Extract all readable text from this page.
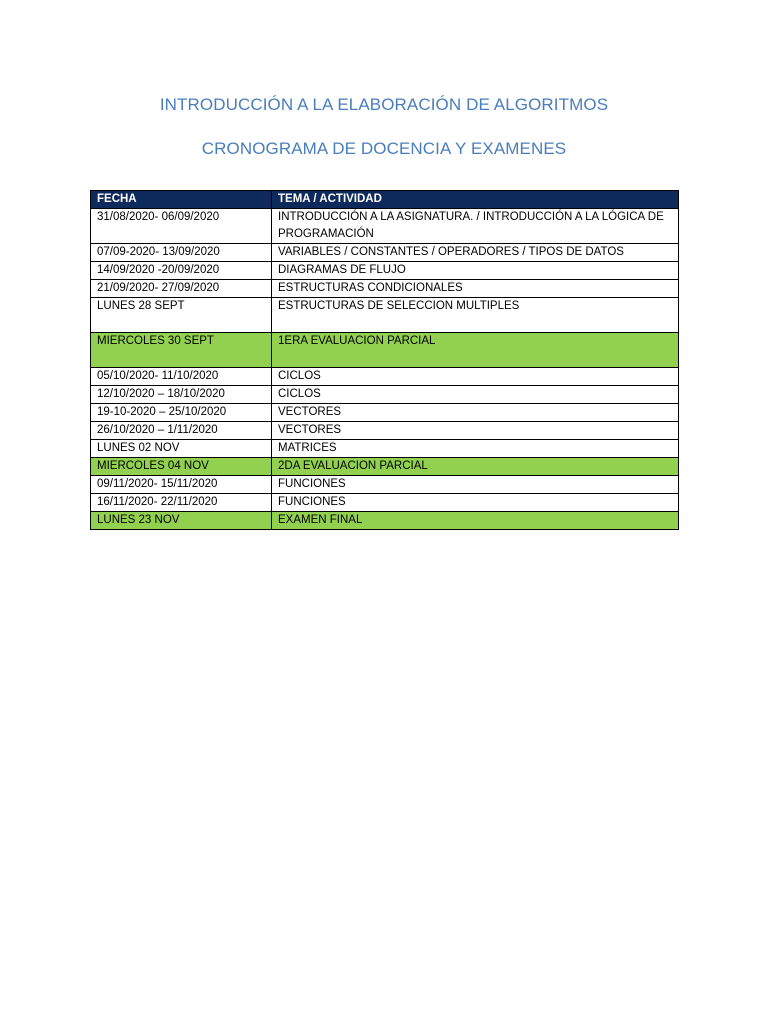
INTRODUCCIÓN A LA ELABORACIÓN DE ALGORITMOS
CRONOGRAMA DE DOCENCIA Y EXAMENES
FECHA	TEMA / ACTIVIDAD
31/08/2020- 06/09/2020	INTRODUCCIÓN A LA ASIGNATURA. / INTRODUCCIÓN A LA LÓGICA DE PROGRAMACIÓN
07/09-2020- 13/09/2020	VARIABLES / CONSTANTES / OPERADORES / TIPOS DE DATOS
14/09/2020 -20/09/2020	DIAGRAMAS DE FLUJO
21/09/2020- 27/09/2020	ESTRUCTURAS CONDICIONALES
LUNES 28 SEPT	ESTRUCTURAS DE SELECCION MULTIPLES
MIERCOLES 30 SEPT	1ERA EVALUACION PARCIAL
05/10/2020- 11/10/2020	CICLOS
12/10/2020 – 18/10/2020	CICLOS
19-10-2020 – 25/10/2020	VECTORES
26/10/2020 – 1/11/2020	VECTORES
LUNES 02 NOV	MATRICES
MIERCOLES 04 NOV	2DA EVALUACION PARCIAL
09/11/2020- 15/11/2020	FUNCIONES
16/11/2020- 22/11/2020	FUNCIONES
LUNES 23 NOV	EXAMEN FINAL
